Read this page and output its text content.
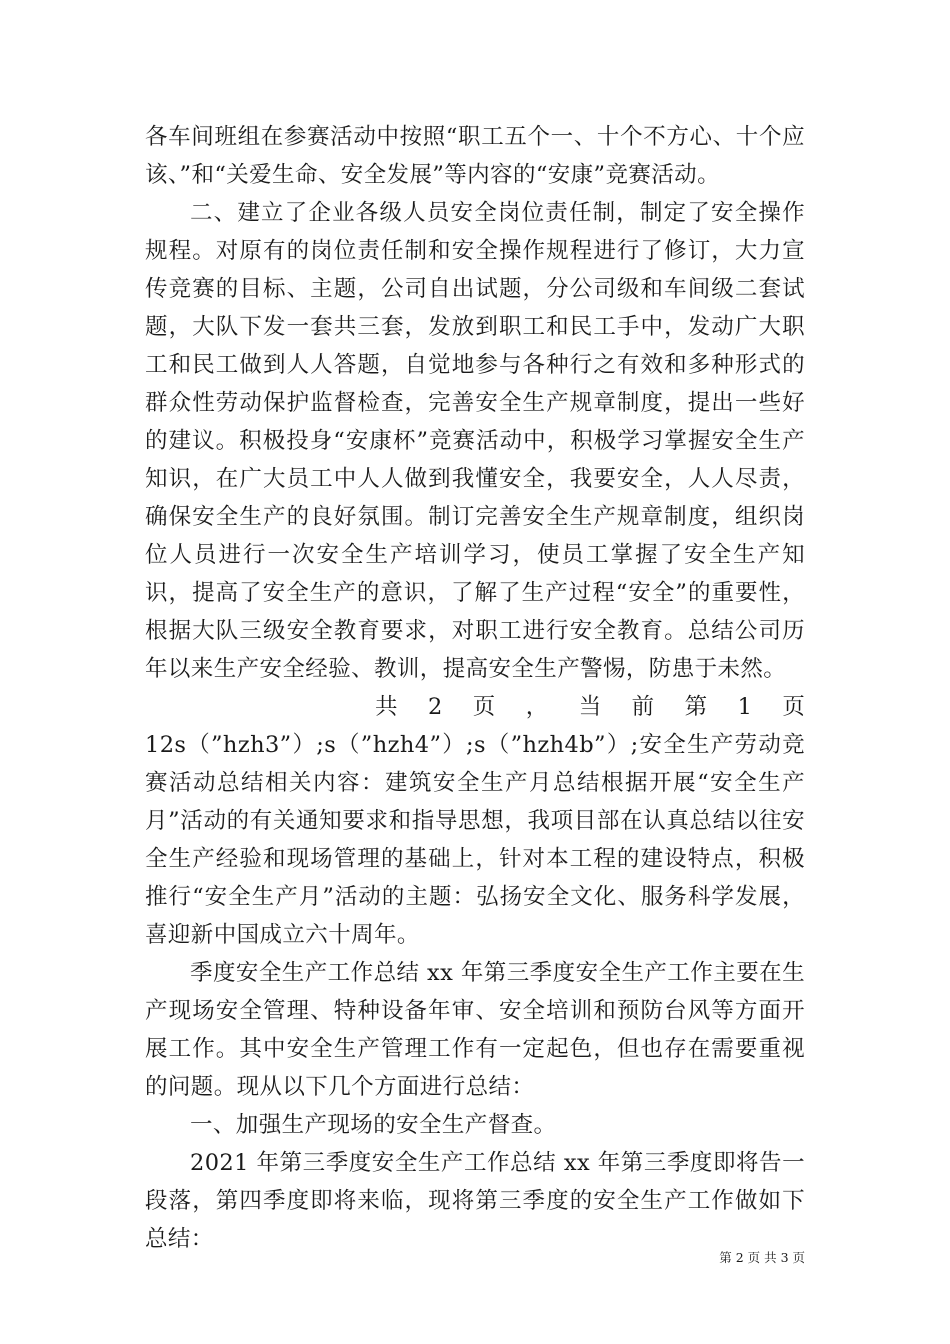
各车间班组在参赛活动中按照“职工五个一、十个不方心、十个应该、”和“关爱生命、安全发展”等内容的“安康”竞赛活动。

二、建立了企业各级人员安全岗位责任制，制定了安全操作规程。对原有的岗位责任制和安全操作规程进行了修订，大力宣传竞赛的目标、主题，公司自出试题，分公司级和车间级二套试题，大队下发一套共三套，发放到职工和民工手中，发动广大职工和民工做到人人答题，自觉地参与各种行之有效和多种形式的群众性劳动保护监督检查，完善安全生产规章制度，提出一些好的建议。积极投身“安康杯”竞赛活动中，积极学习掌握安全生产知识，在广大员工中人人做到我懂安全，我要安全，人人尽责，确保安全生产的良好氛围。制订完善安全生产规章制度，组织岗位人员进行一次安全生产培训学习，使员工掌握了安全生产知识，提高了安全生产的意识，了解了生产过程“安全”的重要性，根据大队三级安全教育要求，对职工进行安全教育。总结公司历年以来生产安全经验、教训，提高安全生产警惕，防患于未然。

共 2 页 ， 当 前 第 1 页

12s（”hzh3”）;s（”hzh4”）;s（”hzh4b”）;安全生产劳动竞赛活动总结相关内容：建筑安全生产月总结根据开展“安全生产月”活动的有关通知要求和指导思想，我项目部在认真总结以往安全生产经验和现场管理的基础上，针对本工程的建设特点，积极推行“安全生产月”活动的主题：弘扬安全文化、服务科学发展，喜迎新中国成立六十周年。

季度安全生产工作总结 xx 年第三季度安全生产工作主要在生产现场安全管理、特种设备年审、安全培训和预防台风等方面开展工作。其中安全生产管理工作有一定起色，但也存在需要重视的问题。现从以下几个方面进行总结：

一、加强生产现场的安全生产督查。

2021 年第三季度安全生产工作总结 xx 年第三季度即将告一段落，第四季度即将来临，现将第三季度的安全生产工作做如下总结：

第 2 页 共 3 页
